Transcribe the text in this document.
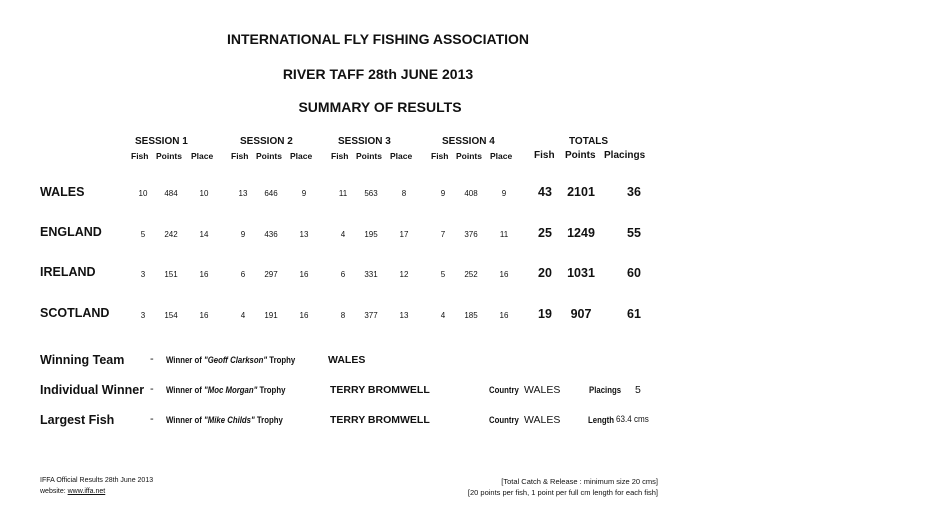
INTERNATIONAL FLY FISHING ASSOCIATION
RIVER TAFF 28th JUNE 2013
SUMMARY OF RESULTS
SESSION 1	SESSION 2	SESSION 3	SESSION 4	TOTALS
Fish Points Place Fish Points Place Fish Points Place Fish Points Place Fish Points Placings
WALES	10	484	10	13	646	9	11	563	8	9	408	9	43	2101	36
ENGLAND	5	242	14	9	436	13	4	195	17	7	376	11	25	1249	55
IRELAND	3	151	16	6	297	16	6	331	12	5	252	16	20	1031	60
SCOTLAND	3	154	16	4	191	16	8	377	13	4	185	16	19	907	61
Winning Team - Winner of "Geoff Clarkson" Trophy	WALES
Individual Winner - Winner of "Moc Morgan" Trophy	TERRY BROMWELL	Country WALES	Placings 5
Largest Fish	- Winner of "Mike Childs" Trophy	TERRY BROMWELL	Country WALES	Length 63.4 cms
IFFA Official Results 28th June 2013
website: www.iffa.net
[Total Catch & Release : minimum size 20 cms]
[20 points per fish, 1 point per full cm length for each fish]
